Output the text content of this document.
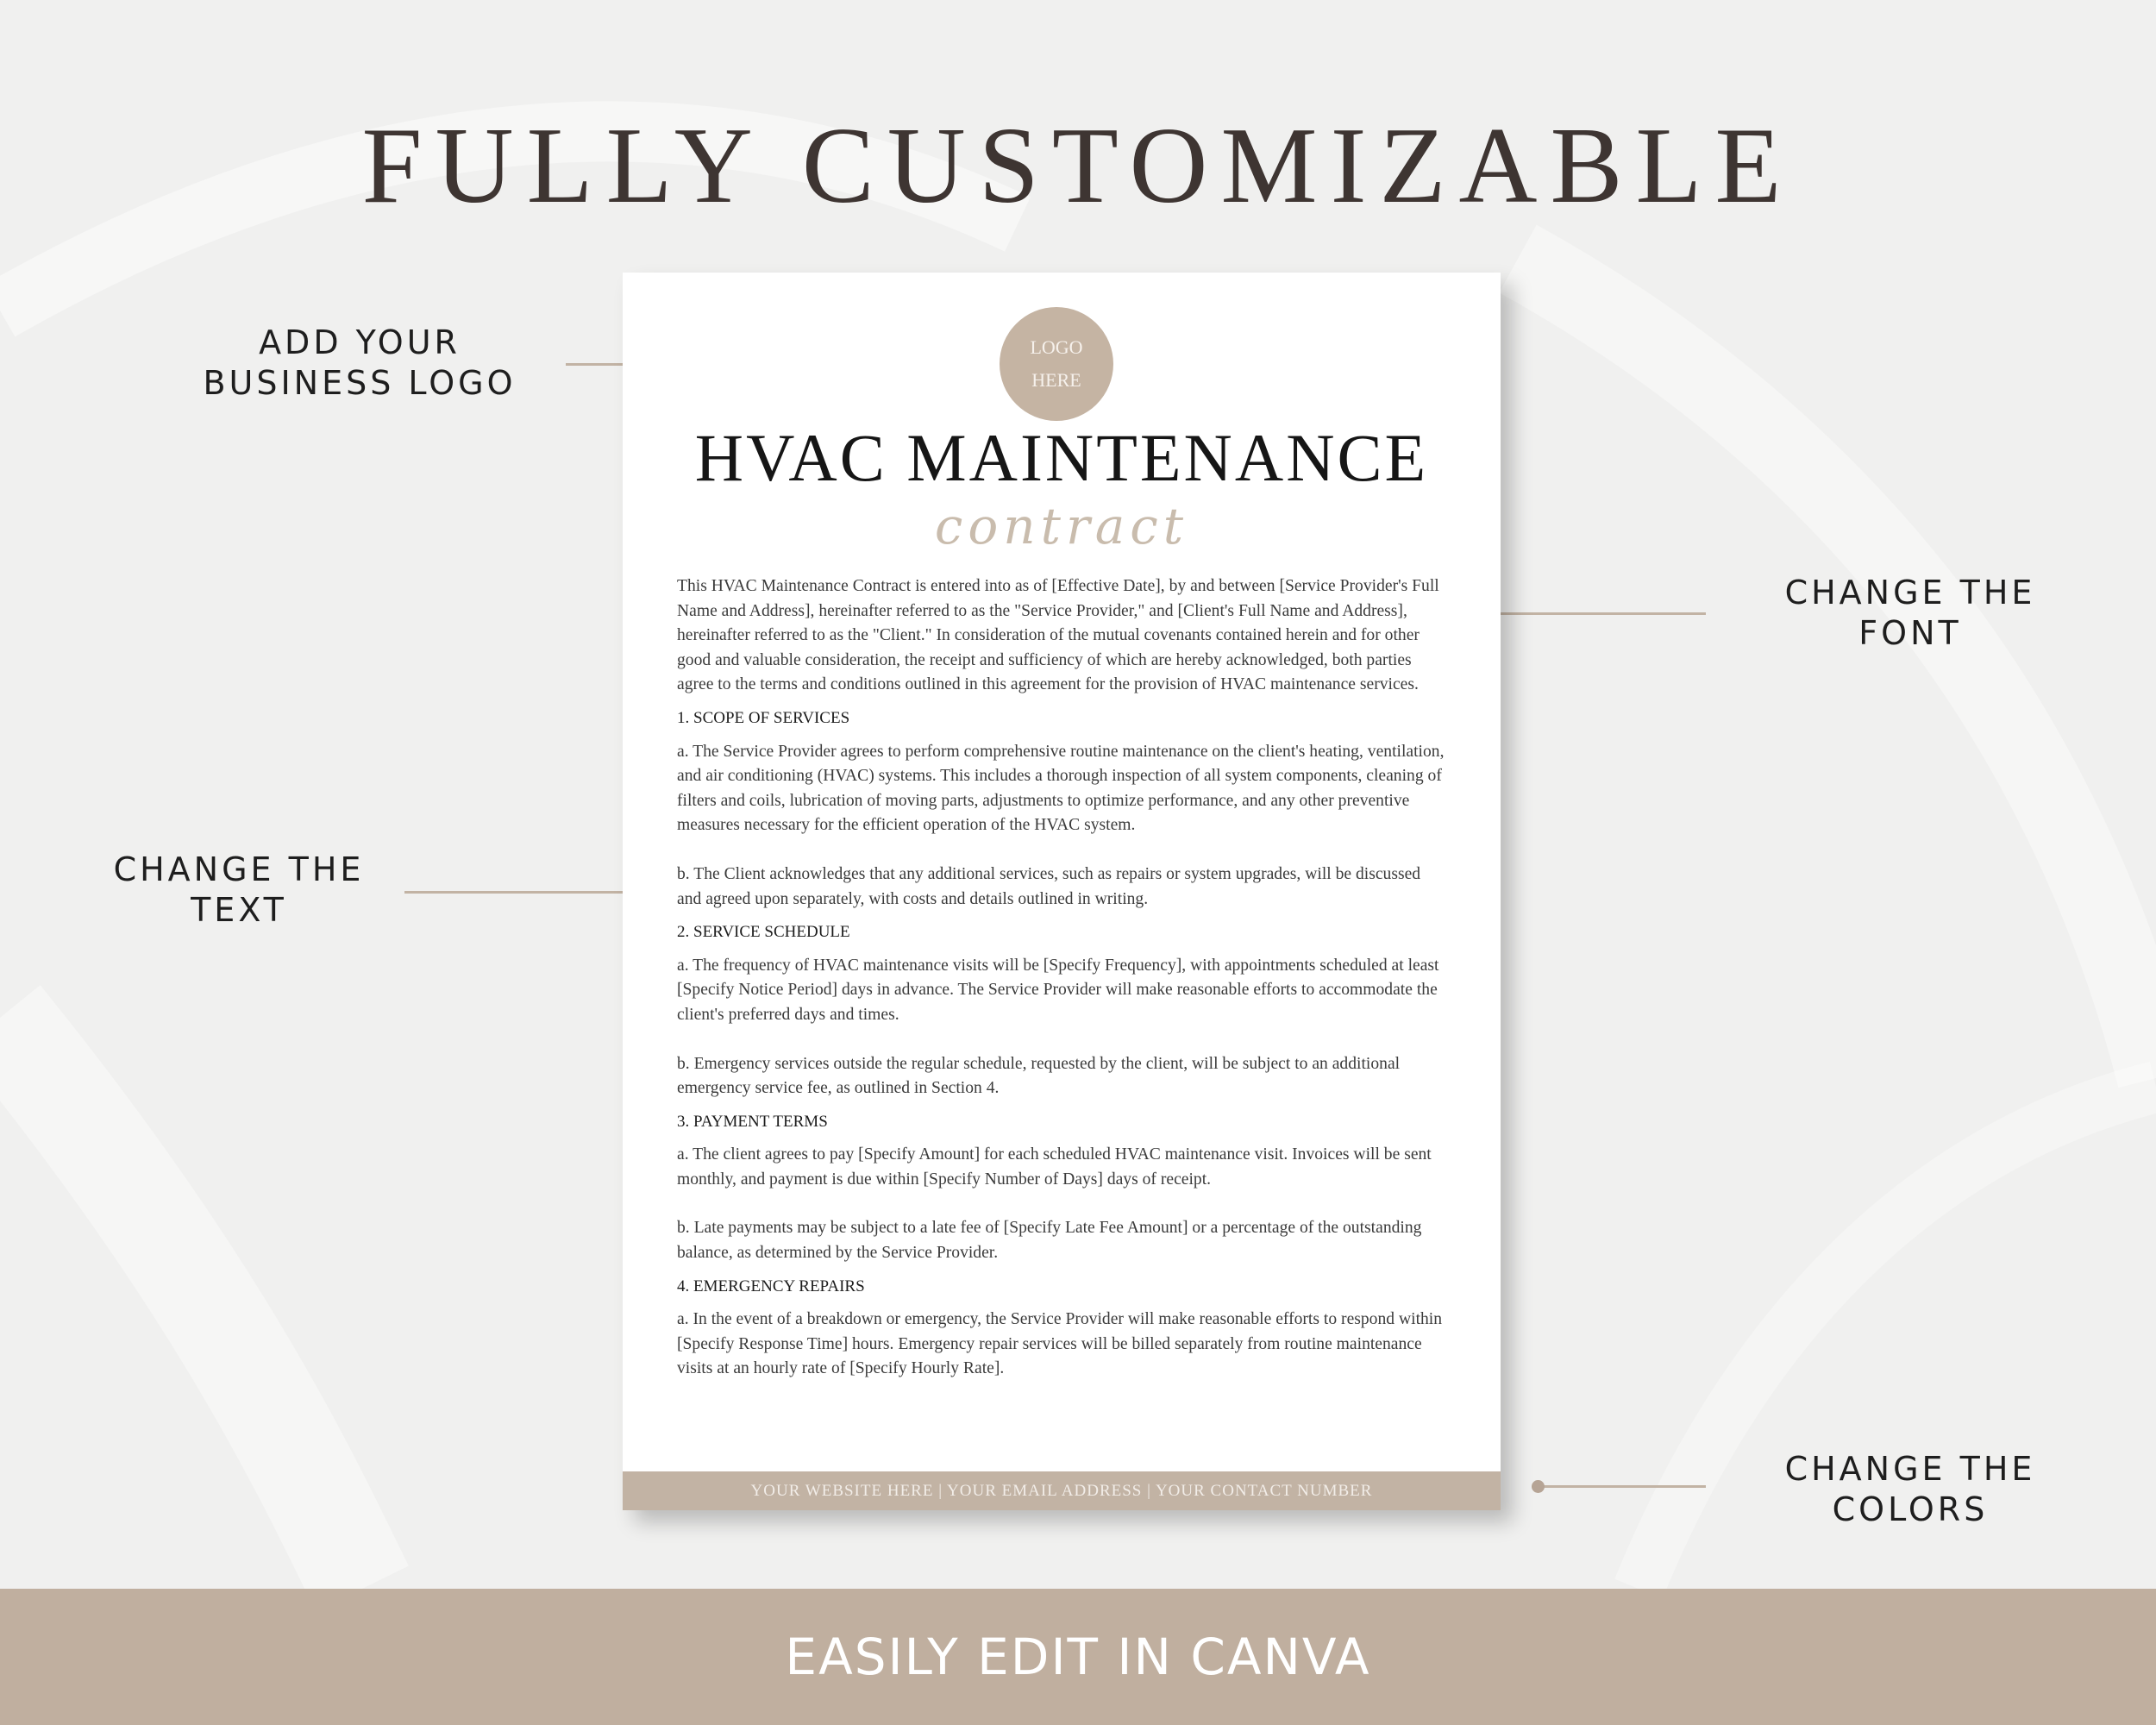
FULLY CUSTOMIZABLE
ADD YOUR
BUSINESS LOGO
CHANGE THE
FONT
CHANGE THE
TEXT
CHANGE THE
COLORS
LOGO
HERE
HVAC MAINTENANCE
contract

This HVAC Maintenance Contract is entered into as of [Effective Date], by and between [Service Provider's Full Name and Address], hereinafter referred to as the "Service Provider," and [Client's Full Name and Address], hereinafter referred to as the "Client." In consideration of the mutual covenants contained herein and for other good and valuable consideration, the receipt and sufficiency of which are hereby acknowledged, both parties agree to the terms and conditions outlined in this agreement for the provision of HVAC maintenance services.

1. SCOPE OF SERVICES

a. The Service Provider agrees to perform comprehensive routine maintenance on the client's heating, ventilation, and air conditioning (HVAC) systems. This includes a thorough inspection of all system components, cleaning of filters and coils, lubrication of moving parts, adjustments to optimize performance, and any other preventive measures necessary for the efficient operation of the HVAC system.

b. The Client acknowledges that any additional services, such as repairs or system upgrades, will be discussed and agreed upon separately, with costs and details outlined in writing.

2. SERVICE SCHEDULE

a. The frequency of HVAC maintenance visits will be [Specify Frequency], with appointments scheduled at least [Specify Notice Period] days in advance. The Service Provider will make reasonable efforts to accommodate the client's preferred days and times.

b. Emergency services outside the regular schedule, requested by the client, will be subject to an additional emergency service fee, as outlined in Section 4.

3. PAYMENT TERMS

a. The client agrees to pay [Specify Amount] for each scheduled HVAC maintenance visit. Invoices will be sent monthly, and payment is due within [Specify Number of Days] days of receipt.

b. Late payments may be subject to a late fee of [Specify Late Fee Amount] or a percentage of the outstanding balance, as determined by the Service Provider.

4. EMERGENCY REPAIRS

a. In the event of a breakdown or emergency, the Service Provider will make reasonable efforts to respond within [Specify Response Time] hours. Emergency repair services will be billed separately from routine maintenance visits at an hourly rate of [Specify Hourly Rate].

YOUR WEBSITE HERE | YOUR EMAIL ADDRESS | YOUR CONTACT NUMBER
EASILY EDIT IN CANVA
